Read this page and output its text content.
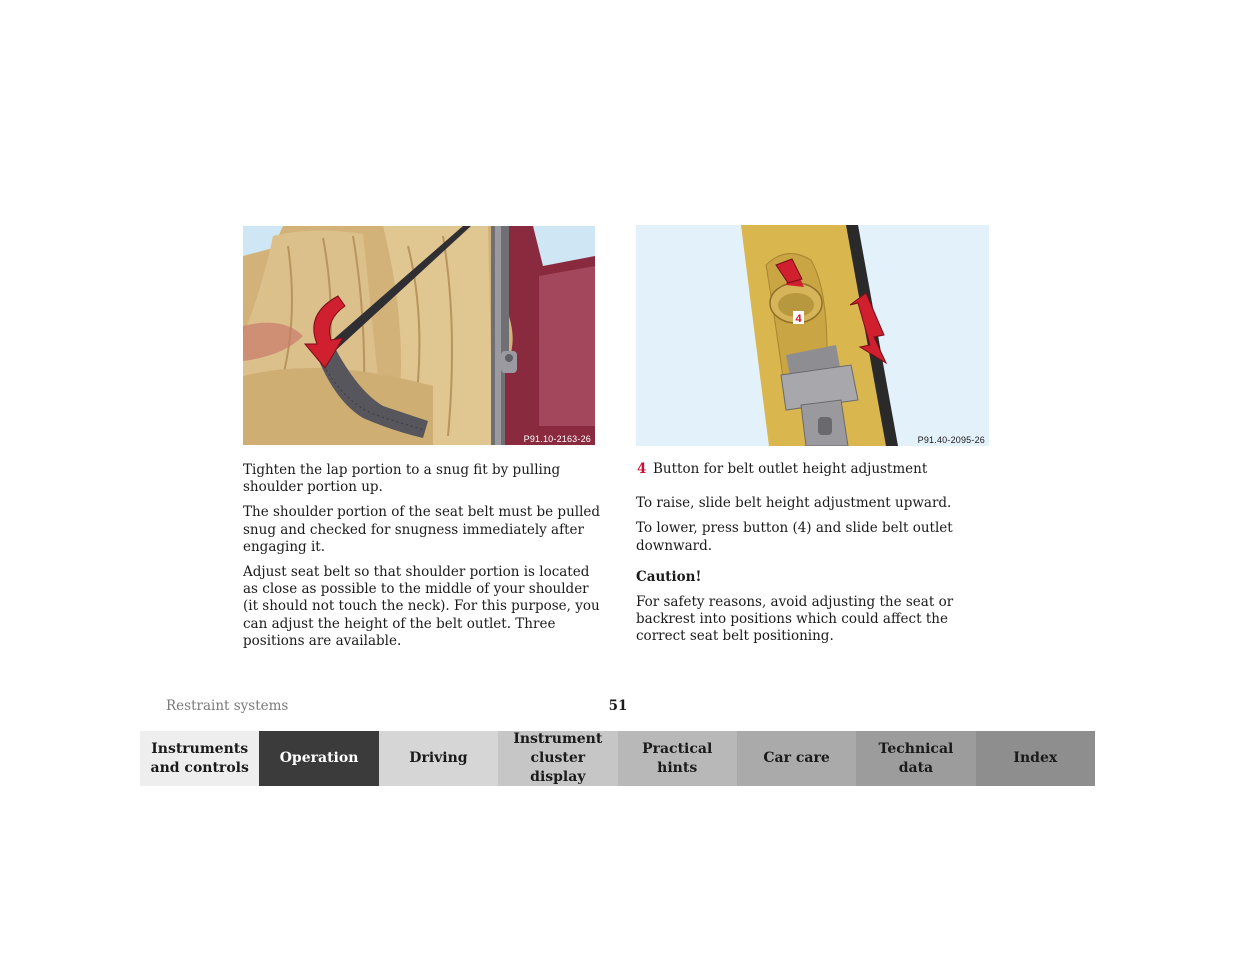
P91.10-2163-26
4
P91.40-2095-26

Tighten the lap portion to a snug fit by pulling shoulder portion up.

The shoulder portion of the seat belt must be pulled snug and checked for snugness immediately after engaging it.

Adjust seat belt so that shoulder portion is located as close as possible to the middle of your shoulder (it should not touch the neck). For this purpose, you can adjust the height of the belt outlet. Three positions are available.

4 Button for belt outlet height adjustment

To raise, slide belt height adjustment upward.

To lower, press button (4) and slide belt outlet downward.

Caution!

For safety reasons, avoid adjusting the seat or backrest into positions which could affect the correct seat belt positioning.

Restraint systems	51
Instruments and controls
Operation	Driving
Instrument cluster display
Practical hints
Car care
Technical data
Index
